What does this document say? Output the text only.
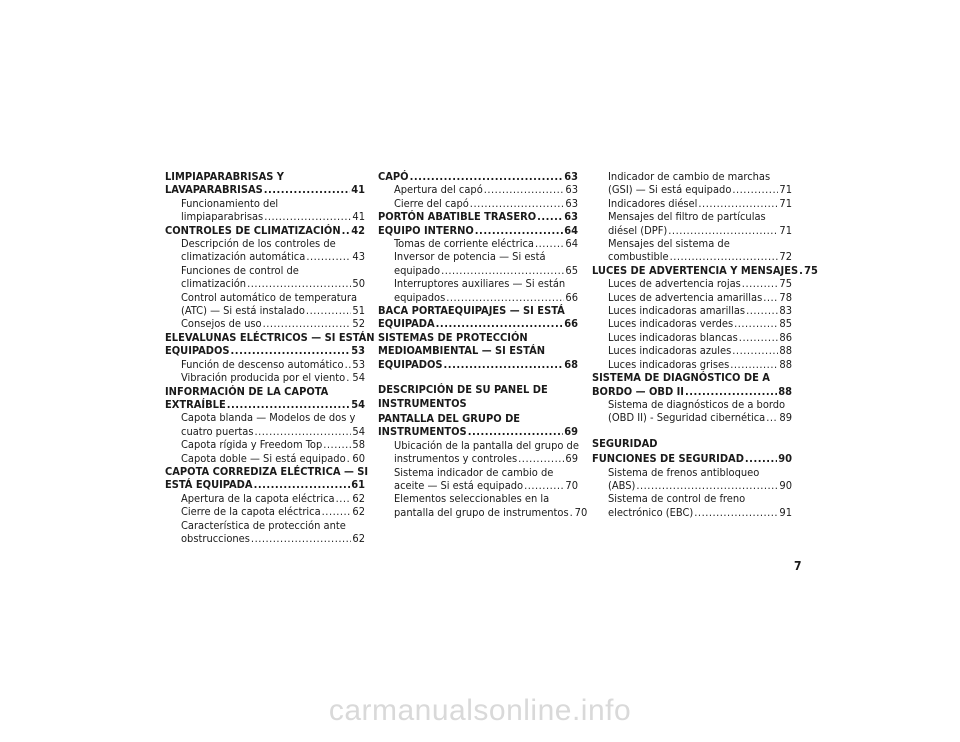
LIMPIAPARABRISAS Y
LAVAPARABRISAS .....	41
Funcionamiento del
limpiaparabrisas .....	41
CONTROLES DE CLIMATIZACIÓN ..... 42
Descripción de los controles de
climatización automática .....	43
Funciones de control de
climatización .....	50
Control automático de temperatura
(ATC) — Si está instalado .....	51
Consejos de uso .....	52
ELEVALUNAS ELÉCTRICOS — SI ESTÁN
EQUIPADOS .....	53
Función de descenso automático ..... 53
Vibración producida por el viento ..... 54
INFORMACIÓN DE LA CAPOTA
EXTRAÍBLE .....	54
Capota blanda — Modelos de dos y
cuatro puertas .....	54
Capota rígida y Freedom Top .....	58
Capota doble — Si está equipado ..... 60
CAPOTA CORREDIZA ELÉCTRICA — SI
ESTÁ EQUIPADA .....	61
Apertura de la capota eléctrica ..... 62
Cierre de la capota eléctrica .....	62
Característica de protección ante
obstrucciones .....	62
CAPÓ .....	63
Apertura del capó .....	63
Cierre del capó .....	63
PORTÓN ABATIBLE TRASERO .....	63
EQUIPO INTERNO .....	64
Tomas de corriente eléctrica .....	64
Inversor de potencia — Si está
equipado .....	65
Interruptores auxiliares — Si están
equipados .....	66
BACA PORTAEQUIPAJES — SI ESTÁ
EQUIPADA .....	66
SISTEMAS DE PROTECCIÓN
MEDIOAMBIENTAL — SI ESTÁN
EQUIPADOS .....	68
DESCRIPCIÓN DE SU PANEL DE INSTRUMENTOS
PANTALLA DEL GRUPO DE
INSTRUMENTOS .....	69
Ubicación de la pantalla del grupo de
instrumentos y controles .....	69
Sistema indicador de cambio de
aceite — Si está equipado .....	70
Elementos seleccionables en la
pantalla del grupo de instrumentos ..... 70
Indicador de cambio de marchas
(GSI) — Si está equipado .....	71
Indicadores diésel .....	71
Mensajes del filtro de partículas
diésel (DPF) .....	71
Mensajes del sistema de
combustible .....	72
LUCES DE ADVERTENCIA Y MENSAJES ..... 75
Luces de advertencia rojas .....	75
Luces de advertencia amarillas ..... 78
Luces indicadoras amarillas .....	83
Luces indicadoras verdes .....	85
Luces indicadoras blancas .....	86
Luces indicadoras azules .....	88
Luces indicadoras grises .....	88
SISTEMA DE DIAGNÓSTICO DE A
BORDO — OBD II .....	88
Sistema de diagnósticos de a bordo
(OBD II) - Seguridad cibernética ..... 89
SEGURIDAD
FUNCIONES DE SEGURIDAD .....	90
Sistema de frenos antibloqueo
(ABS) .....	90
Sistema de control de freno
electrónico (EBC) .....	91
7
carmanualsonline.info
